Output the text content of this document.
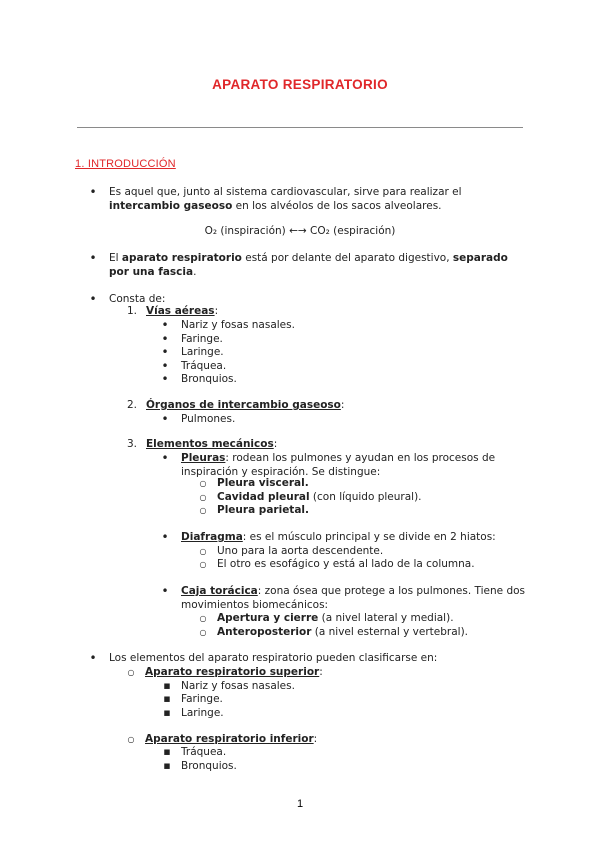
APARATO RESPIRATORIO
1. INTRODUCCIÓN
•
Es aquel que, junto al sistema cardiovascular, sirve para realizar el intercambio gaseoso en los alvéolos de los sacos alveolares.
O₂ (inspiración) ←→ CO₂ (espiración)
•
El aparato respiratorio está por delante del aparato digestivo, separado por una fascia.
•
Consta de:
1. Vías aéreas:
•
Nariz y fosas nasales.
•
Faringe.
•
Laringe.
•
Tráquea.
•
Bronquios.
2. Órganos de intercambio gaseoso:
•
Pulmones.
3. Elementos mecánicos:
•
Pleuras: rodean los pulmones y ayudan en los procesos de inspiración y espiración. Se distingue:
○
Pleura visceral.
○
Cavidad pleural (con líquido pleural).
○
Pleura parietal.
•
Diafragma: es el músculo principal y se divide en 2 hiatos:
○
Uno para la aorta descendente.
○
El otro es esofágico y está al lado de la columna.
•
Caja torácica: zona ósea que protege a los pulmones. Tiene dos movimientos biomecánicos:
○
Apertura y cierre (a nivel lateral y medial).
○
Anteroposterior (a nivel esternal y vertebral).
•
Los elementos del aparato respiratorio pueden clasificarse en:
○
Aparato respiratorio superior:
▪
Nariz y fosas nasales.
▪
Faringe.
▪
Laringe.
○
Aparato respiratorio inferior:
▪
Tráquea.
▪
Bronquios.
1
